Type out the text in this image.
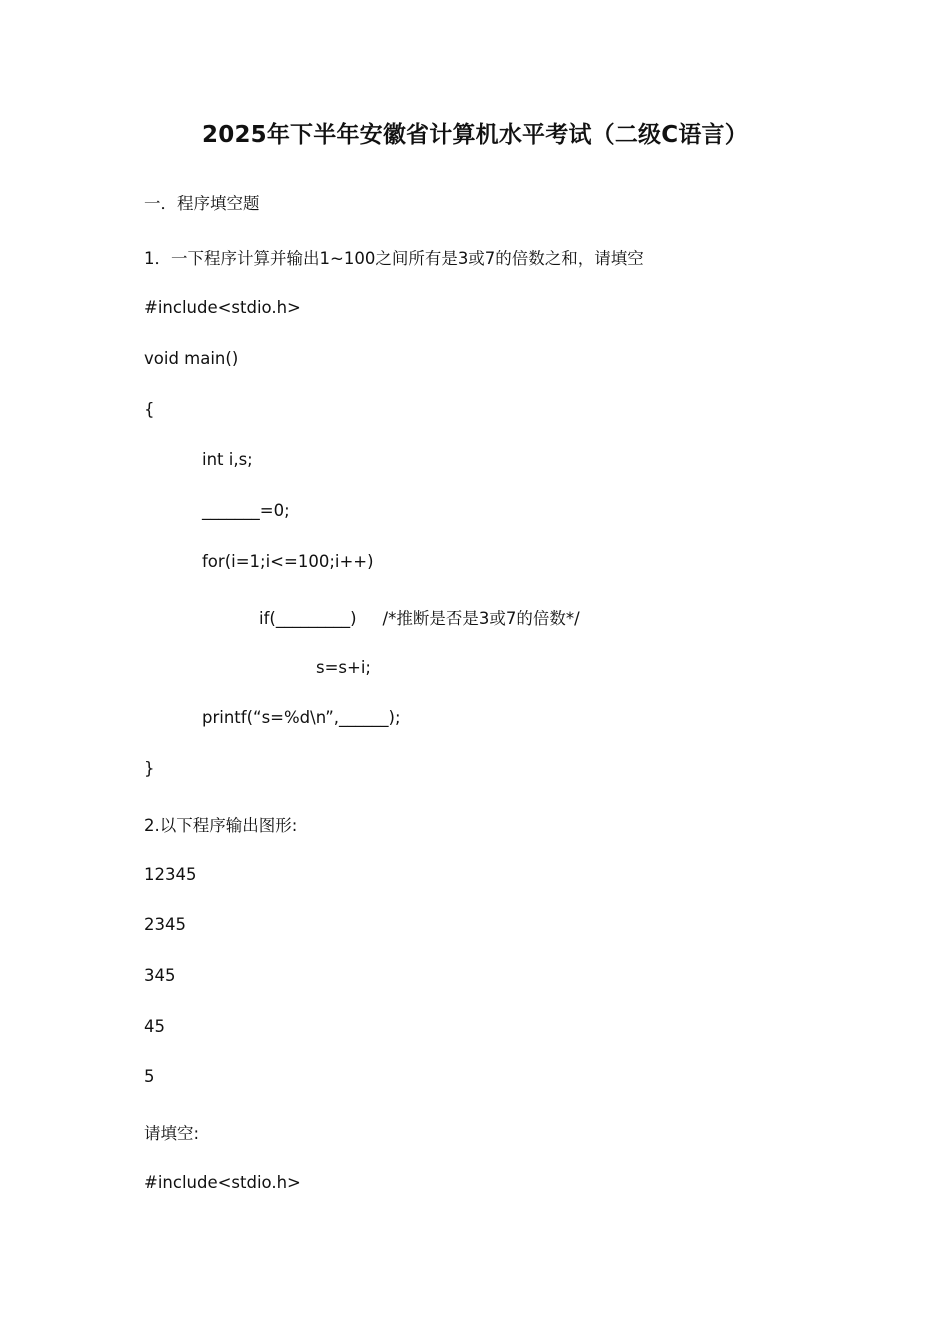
2025年下半年安徽省计算机水平考试（二级C语言）

一．程序填空题

1．一下程序计算并输出1~100之间所有是3或7的倍数之和，请填空

#include<stdio.h>

void main()

{

int i,s;

_______=0;

for(i=1;i<=100;i++)

if(_________) /*推断是否是3或7的倍数*/

s=s+i;

printf(“s=%d\n”,______);

}

2.以下程序输出图形:

12345

2345

345

45

5

请填空:

#include<stdio.h>
